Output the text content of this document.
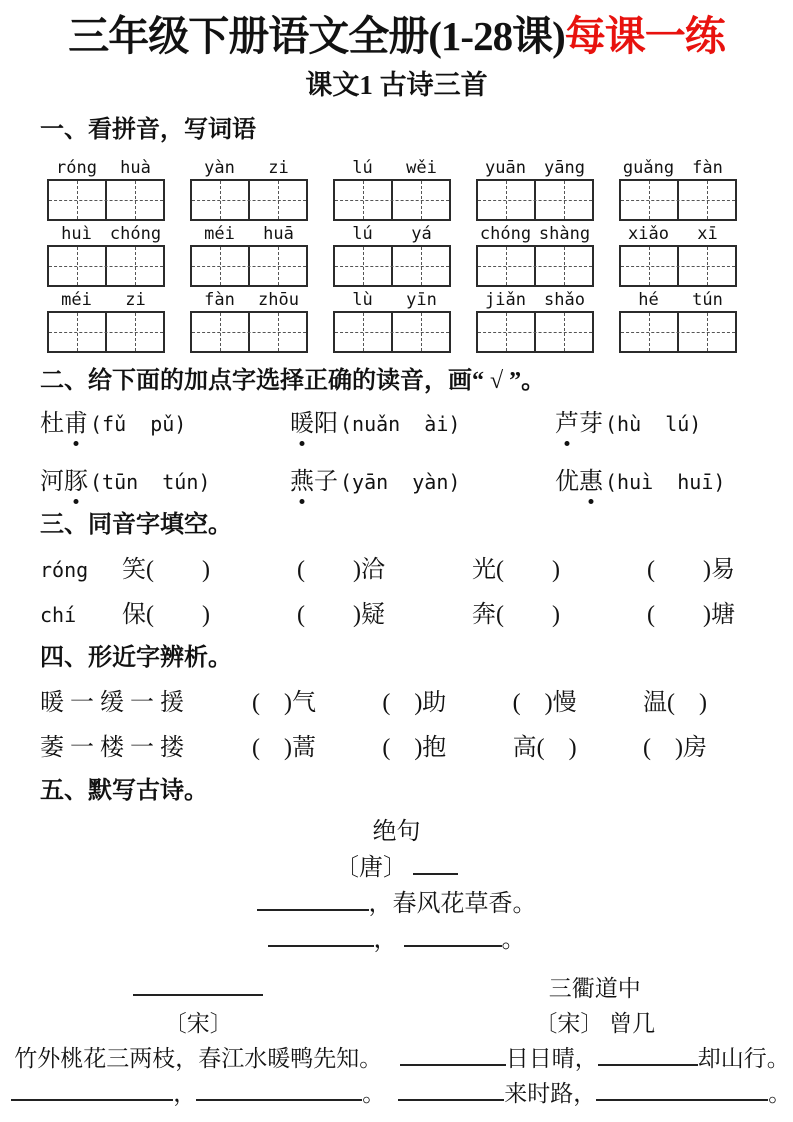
三年级下册语文全册(1-28课)每课一练
课文1 古诗三首
一、看拼音，写词语
róng	huà	yàn	zi	lú	wěi	yuān	yāng	guǎng	fàn
huì	chóng	méi	huā	lú	yá	chóng shàng	xiǎo	xī
méi	zi	fàn	zhōu	lù	yīn	jiǎn	shǎo	hé	tún
二、给下面的加点字选择正确的读音，画“ √ ”。
杜甫 (fǔ  pǔ)	暖阳 (nuǎn  ài)	芦芽 (hù  lú)
河豚 (tūn  tún)	燕子 (yān  yàn)	优惠 (huì  huī)
三、同音字填空。
róng	笑(　　)	(　　)洽	光(　　)	(　　)易
chí	保(　　)	(　　)疑	奔(　　)	(　　)塘
四、形近字辨析。
暖 一 缓 一 援	(　)气	(　)助	(　)慢	温(　)
萎 一 楼 一 搂	(　)蒿	(　)抱	高(　)	(　)房
五、默写古诗。
绝句
〔唐〕
，春风花草香。
，	。
〔宋〕
竹外桃花三两枝，春江水暖鸭先知。
，	。
三衢道中
〔宋〕 曾几
日日晴，	却山行。
来时路，	。
